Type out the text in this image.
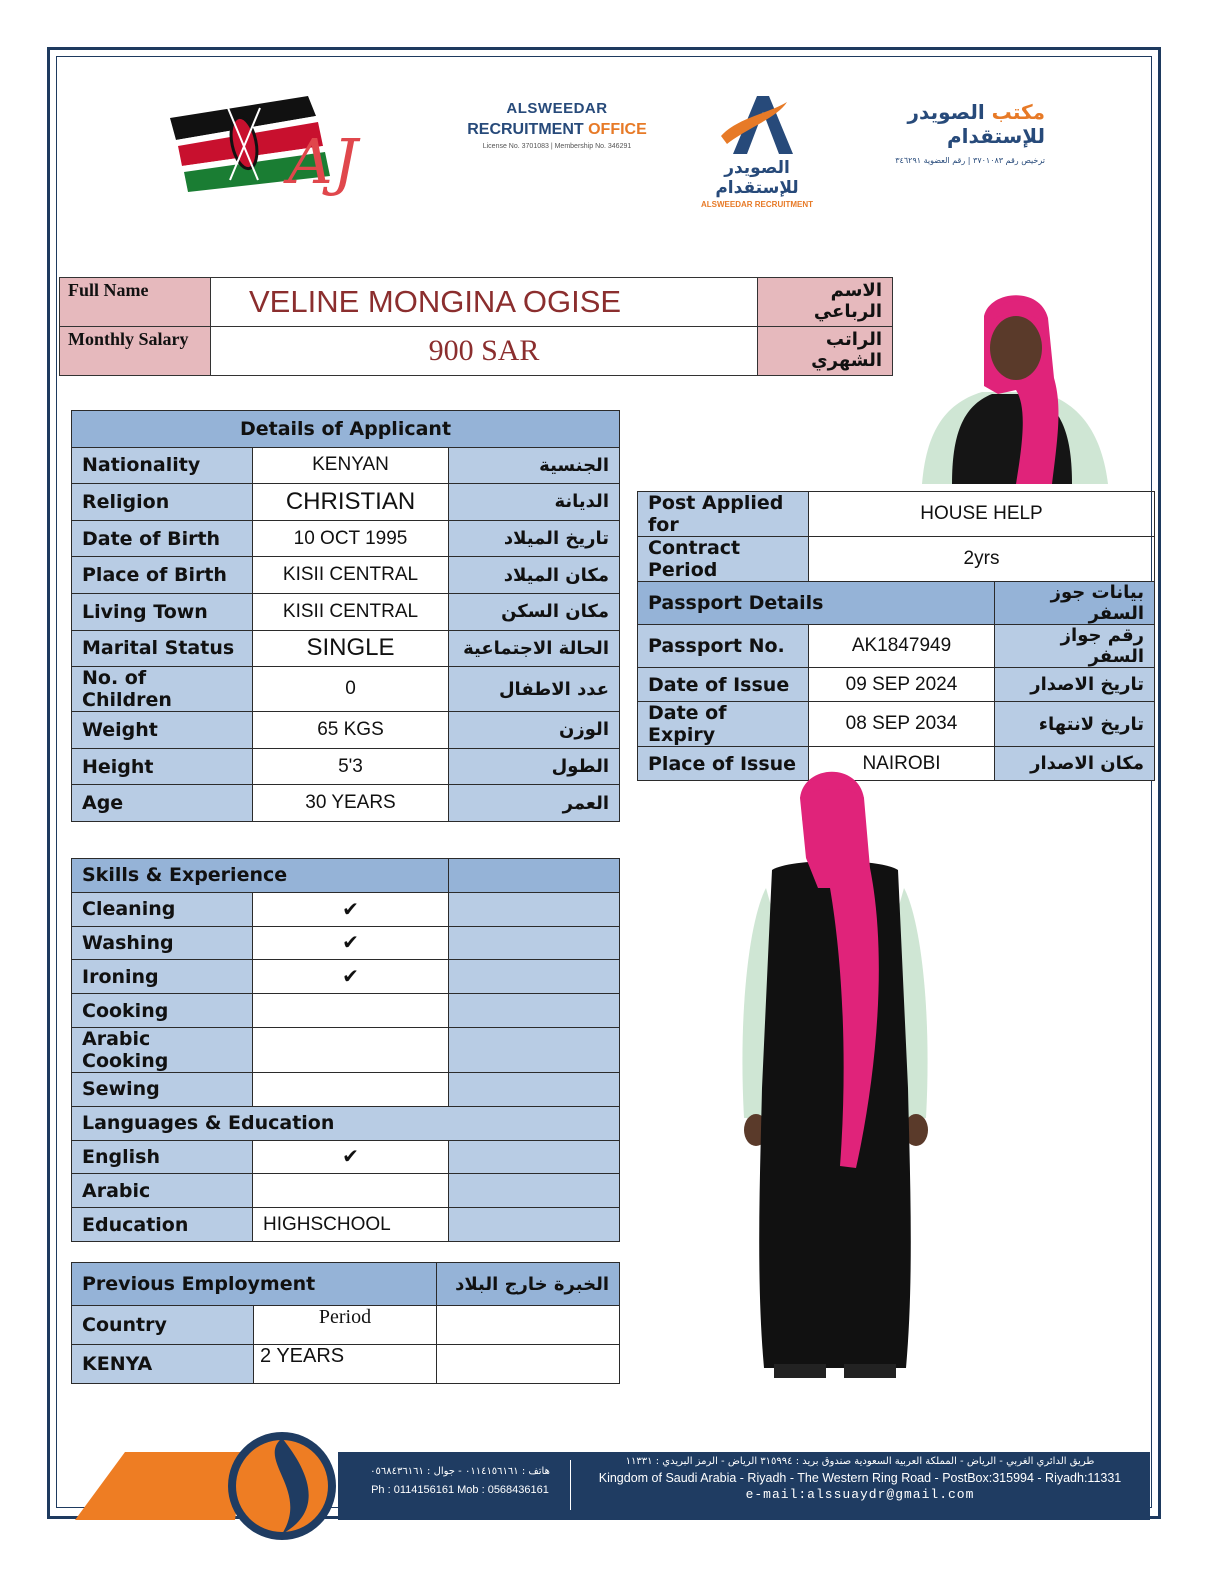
AJ
ALSWEEDAR
RECRUITMENT OFFICE
License No. 3701083 | Membership No. 346291
الصويدر للإستقدام
ALSWEEDAR RECRUITMENT
مكتب الصويدر للإستقدام
ترخيص رقم ٣٧٠١٠٨٣ | رقم العضوية ٣٤٦٢٩١
Full Name	VELINE MONGINA OGISE	الاسم الرباعي
Monthly Salary	900 SAR	الراتب الشهري
Details of Applicant		
Nationality	KENYAN	الجنسية
Religion	CHRISTIAN	الديانة
Date of Birth	10 OCT 1995	تاريخ الميلاد
Place of Birth	KISII CENTRAL	مكان الميلاد
Living Town	KISII CENTRAL	مكان السكن
Marital Status	SINGLE	الحالة الاجتماعية
No. of Children	0	عدد الاطفال
Weight	65 KGS	الوزن
Height	5'3	الطول
Age	30 YEARS	العمر
Post Applied for	HOUSE HELP	
Contract Period	2yrs	
Passport Details		بيانات جوز السفر
Passport No.	AK1847949	رقم جواز السفر
Date of Issue	09 SEP 2024	تاريخ الاصدار
Date of Expiry	08 SEP 2034	تاريخ لانتهاء
Place of Issue	NAIROBI	مكان الاصدار
Skills & Experience		
Cleaning	✔	
Washing	✔	
Ironing	✔	
Cooking		
Arabic Cooking		
Sewing		
Languages & Education		
English	✔	
Arabic		
Education	HIGHSCHOOL	
Previous Employment		الخبرة خارج البلاد
Country	Period	
KENYA	2 YEARS	
هاتف : ٠١١٤١٥٦١٦١ - جوال : ٠٥٦٨٤٣٦١٦١
Ph : 0114156161 Mob : 0568436161
طريق الدائري الغربي - الرياض - المملكة العربية السعودية صندوق بريد : ٣١٥٩٩٤ الرياض - الرمز البريدي : ١١٣٣١
Kingdom of Saudi Arabia - Riyadh - The Western Ring Road - PostBox:315994 - Riyadh:11331
e-mail:alssuaydr@gmail.com
